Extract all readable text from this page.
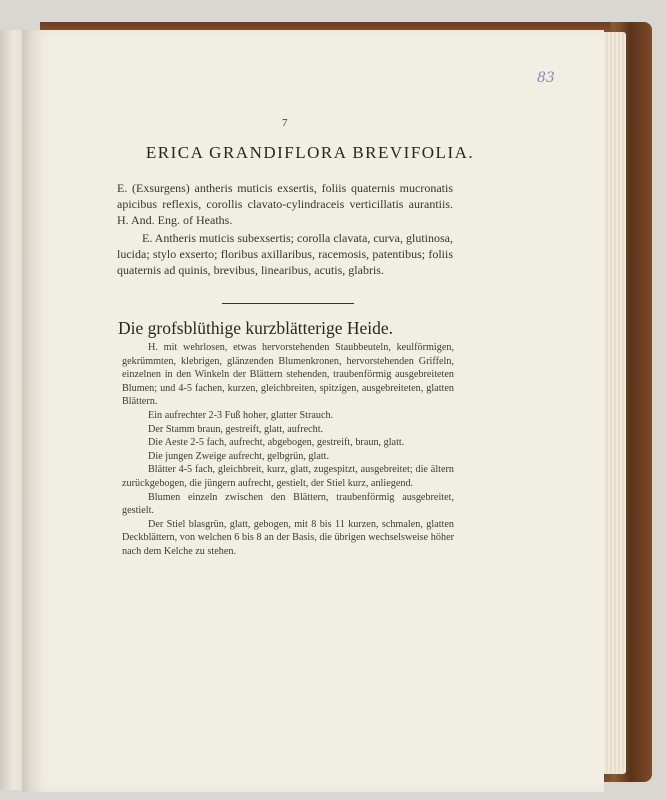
83
7
ERICA GRANDIFLORA BREVIFOLIA.

E. (Exsurgens) antheris muticis exsertis, foliis quaternis mucronatis apicibus reflexis, corollis clavato-cylindraceis verticillatis aurantiis. H. And. Eng. of Heaths.

E. Antheris muticis subexsertis; corolla clavata, curva, glutinosa, lucida; stylo exserto; floribus axillaribus, racemosis, patentibus; foliis quaternis ad quinis, brevibus, linearibus, acutis, glabris.

Die grofsblüthige kurzblätterige Heide.

H. mit wehrlosen, etwas hervorstehenden Staubbeuteln, keulförmigen, gekrümmten, klebrigen, glänzenden Blumenkronen, hervorstehenden Griffeln, einzelnen in den Winkeln der Blättern stehenden, traubenförmig ausgebreiteten Blumen; und 4-5 fachen, kurzen, gleichbreiten, spitzigen, ausgebreiteten, glatten Blättern.

Ein aufrechter 2-3 Fuß hoher, glatter Strauch.

Der Stamm braun, gestreift, glatt, aufrecht.

Die Aeste 2-5 fach, aufrecht, abgebogen, gestreift, braun, glatt.

Die jungen Zweige aufrecht, gelbgrün, glatt.

Blätter 4-5 fach, gleichbreit, kurz, glatt, zugespitzt, ausgebreitet; die ältern zurückgebogen, die jüngern aufrecht, gestielt, der Stiel kurz, anliegend.

Blumen einzeln zwischen den Blättern, traubenförmig ausgebreitet, gestielt.

Der Stiel blasgrün, glatt, gebogen, mit 8 bis 11 kurzen, schmalen, glatten Deckblättern, von welchen 6 bis 8 an der Basis, die übrigen wechselsweise höher nach dem Kelche zu stehen.
